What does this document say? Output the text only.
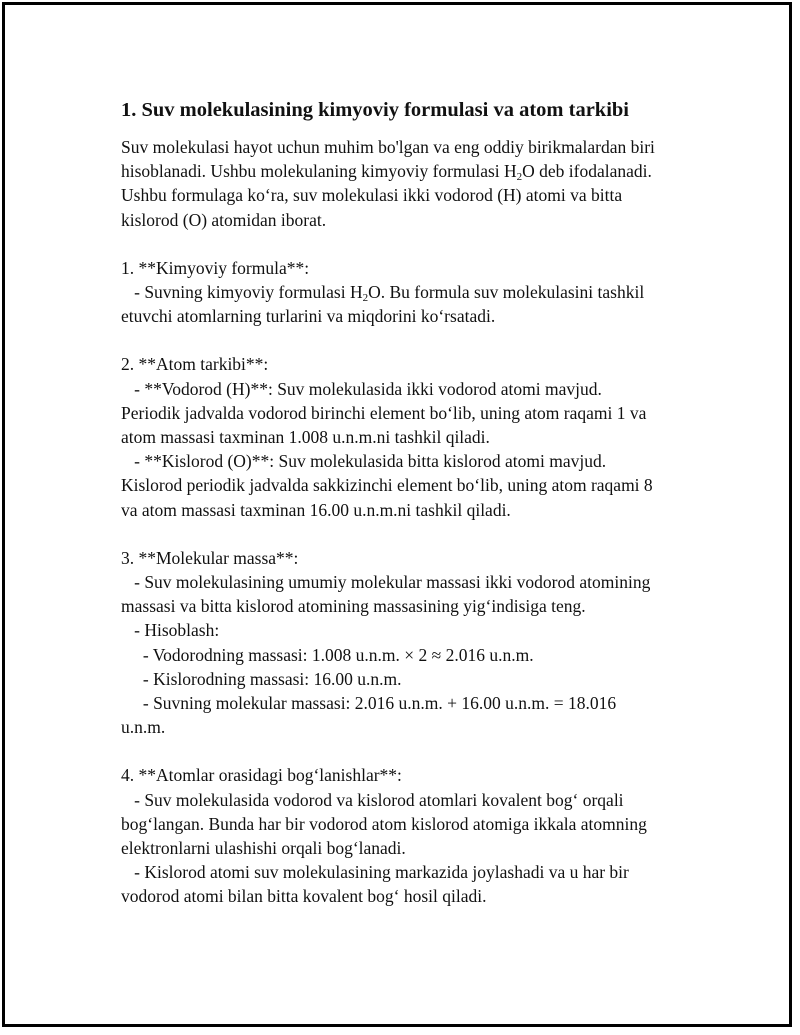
1. Suv molekulasining kimyoviy formulasi va atom tarkibi
Suv molekulasi hayot uchun muhim bo'lgan va eng oddiy birikmalardan biri
hisoblanadi. Ushbu molekulaning kimyoviy formulasi $H_2O$ deb ifodalanadi.
Ushbu formulaga koʻra, suv molekulasi ikki vodorod (H) atomi va bitta
kislorod (O) atomidan iborat.
1. **Kimyoviy formula**:
- Suvning kimyoviy formulasi $H_2O$. Bu formula suv molekulasini tashkil
etuvchi atomlarning turlarini va miqdorini koʻrsatadi.
2. **Atom tarkibi**:
- **Vodorod (H)**: Suv molekulasida ikki vodorod atomi mavjud.
Periodik jadvalda vodorod birinchi element boʻlib, uning atom raqami 1 va
atom massasi taxminan 1.008 u.n.m.ni tashkil qiladi.
- **Kislorod (O)**: Suv molekulasida bitta kislorod atomi mavjud.
Kislorod periodik jadvalda sakkizinchi element boʻlib, uning atom raqami 8
va atom massasi taxminan 16.00 u.n.m.ni tashkil qiladi.
3. **Molekular massa**:
- Suv molekulasining umumiy molekular massasi ikki vodorod atomining
massasi va bitta kislorod atomining massasining yigʻindisiga teng.
- Hisoblash:
- Vodorodning massasi: 1.008 u.n.m. × 2 ≈ 2.016 u.n.m.
- Kislorodning massasi: 16.00 u.n.m.
- Suvning molekular massasi: 2.016 u.n.m. + 16.00 u.n.m. = 18.016
u.n.m.
4. **Atomlar orasidagi bogʻlanishlar**:
- Suv molekulasida vodorod va kislorod atomlari kovalent bogʻ orqali
bogʻlangan. Bunda har bir vodorod atom kislorod atomiga ikkala atomning
elektronlarni ulashishi orqali bogʻlanadi.
- Kislorod atomi suv molekulasining markazida joylashadi va u har bir
vodorod atomi bilan bitta kovalent bogʻ hosil qiladi.
